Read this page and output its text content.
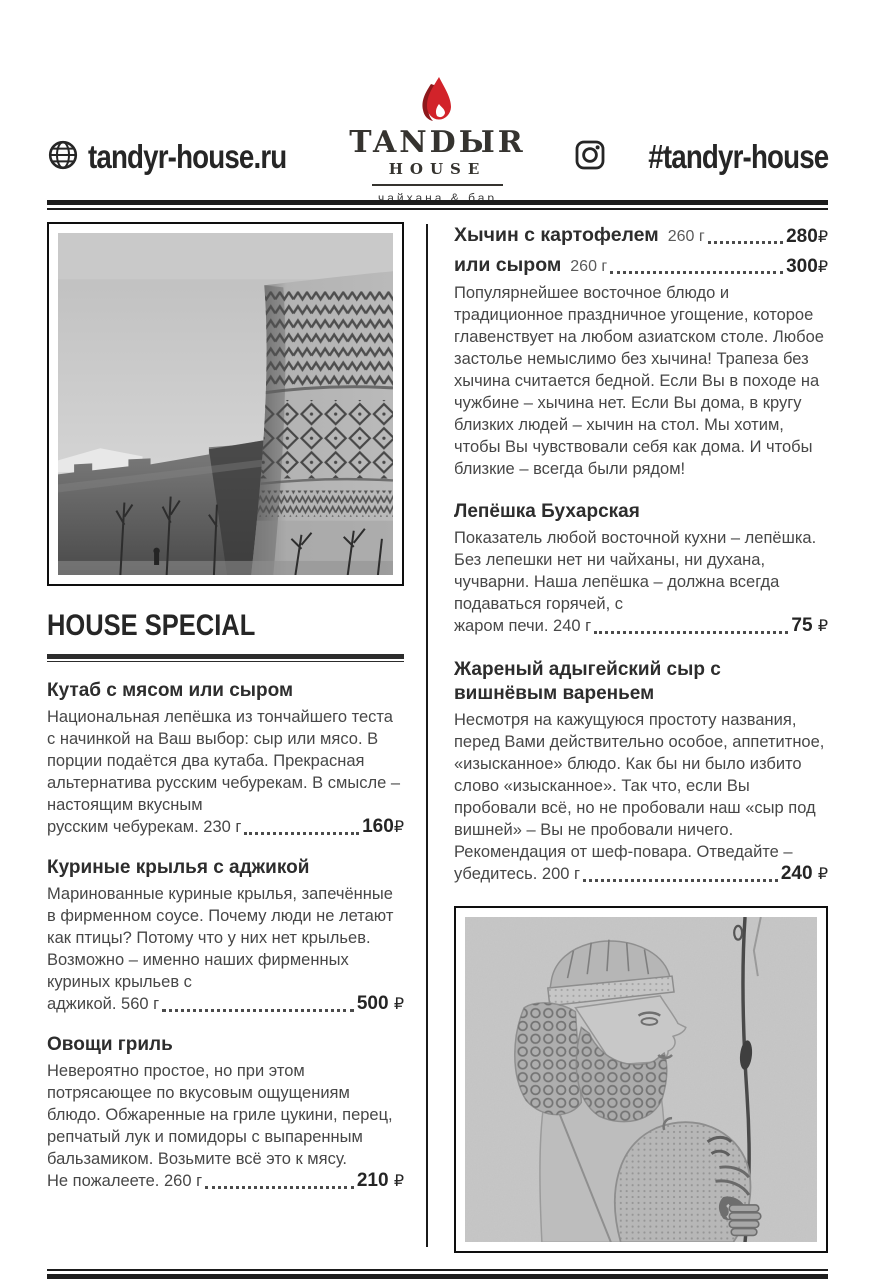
tandyr-house.ru	TANDЫR
HOUSE
чайхана & бар
#tandyr-house
HOUSE SPECIAL
Кутаб с мясом или сыром
Национальная лепёшка из тончайшего теста с начинкой на Ваш выбор: сыр или мясо. В порции подаётся два кутаба. Прекрасная альтернатива русским чебурекам. В смысле – настоящим вкусным
русским чебурекам. 230 г	160₽
Куриные крылья с аджикой
Маринованные куриные крылья, запечённые в фирменном соусе. Почему люди не летают как птицы? Потому что у них нет крыльев. Возможно – именно наших фирменных куриных крыльев с
аджикой. 560 г	500 ₽
Овощи гриль
Невероятно простое, но при этом потрясающее по вкусовым ощущениям блюдо. Обжаренные на гриле цукини, перец, репчатый лук и помидоры с выпаренным бальзамиком. Возьмите всё это к мясу.
Не пожалеете. 260 г	210 ₽
Хычин с картофелем 260 г	280₽
или сыром 260 г	300₽
Популярнейшее восточное блюдо и традиционное праздничное угощение, которое главенствует на любом азиатском столе. Любое застолье немыслимо без хычина! Трапеза без хычина считается бедной. Если Вы в походе на чужбине – хычина нет. Если Вы дома, в кругу близких людей – хычин на стол. Мы хотим, чтобы Вы чувствовали себя как дома. И чтобы близкие – всегда были рядом!
Лепёшка Бухарская
Показатель любой восточной кухни – лепёшка. Без лепешки нет ни чайханы, ни духана, чучварни. Наша лепёшка – должна всегда подаваться горячей, с
жаром печи. 240 г	75 ₽
Жареный адыгейский сыр с вишнёвым вареньем
Несмотря на кажущуюся простоту названия, перед Вами действительно особое, аппетитное, «изысканное» блюдо. Как бы ни было избито слово «изысканное». Так что, если Вы пробовали всё, но не пробовали наш «сыр под вишней» – Вы не пробовали ничего. Рекомендация от шеф-повара. Отведайте –
убедитесь. 200 г	240 ₽
